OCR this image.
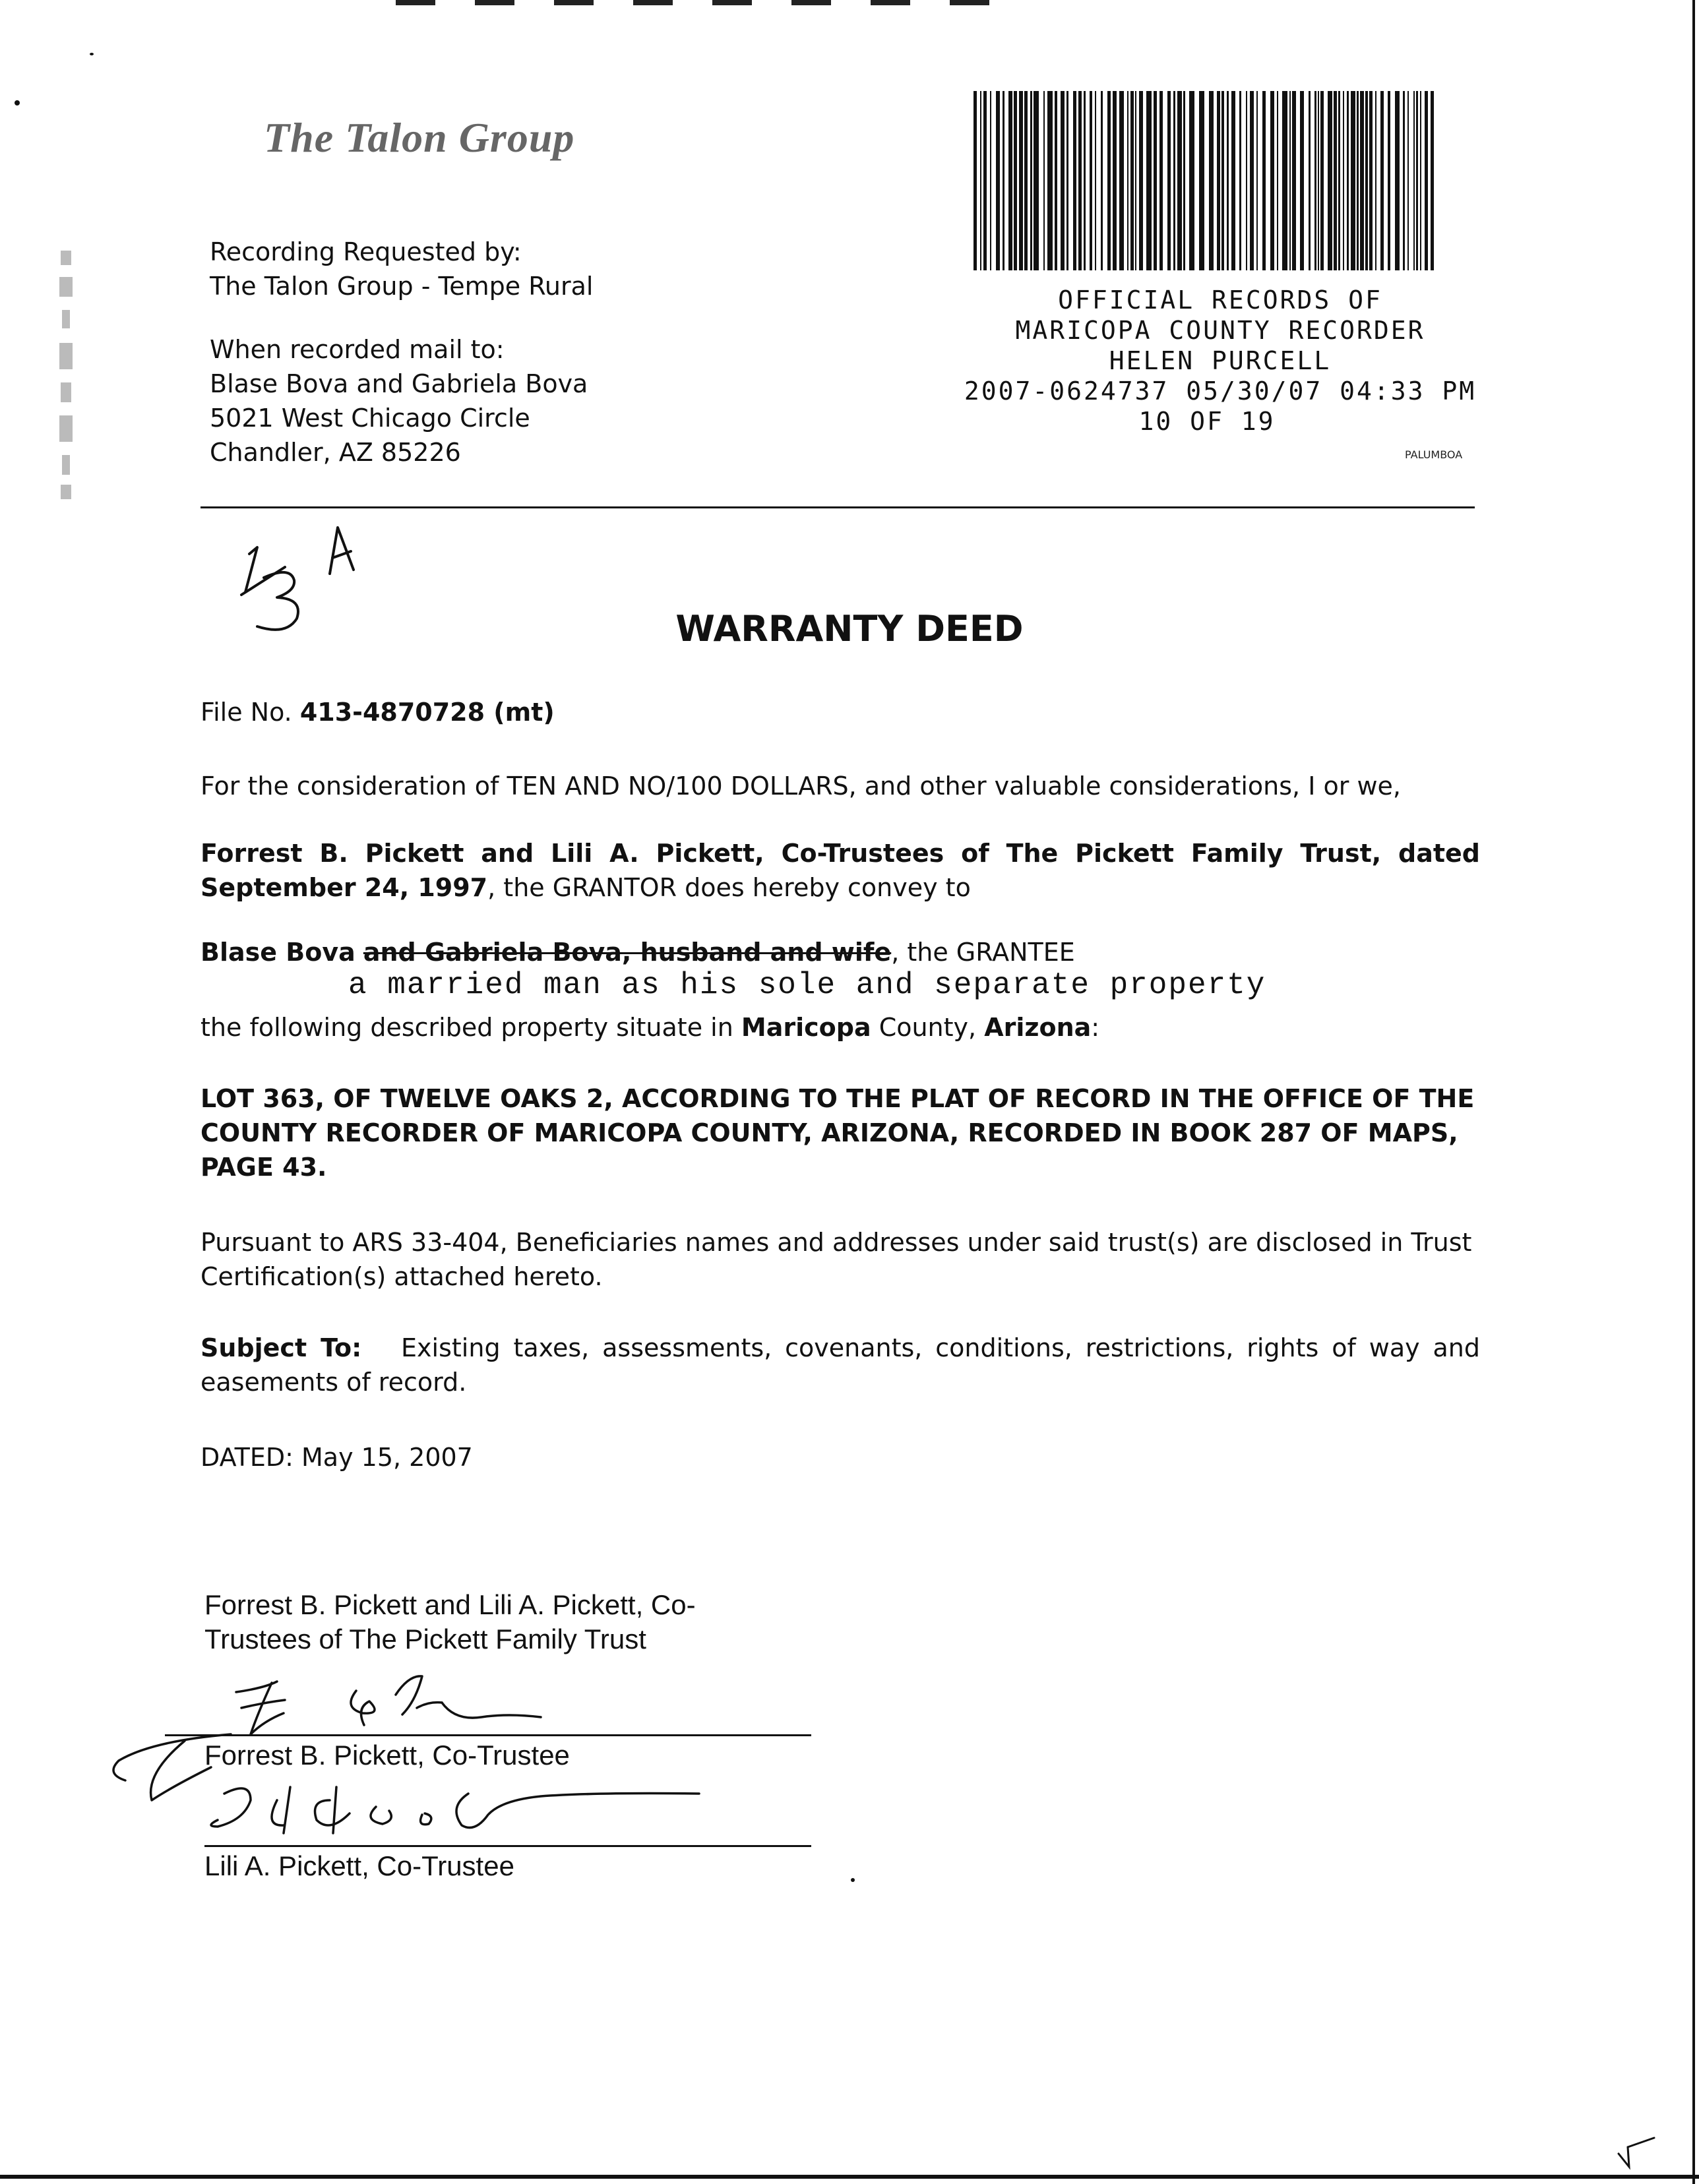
The Talon Group
Recording Requested by:
The Talon Group - Tempe Rural
When recorded mail to:
Blase Bova and Gabriela Bova
5021 West Chicago Circle
Chandler, AZ 85226
OFFICIAL RECORDS OF
MARICOPA COUNTY RECORDER
HELEN PURCELL
2007-0624737 05/30/07 04:33 PM
10 OF 19
PALUMBOA
WARRANTY DEED
File No. 413-4870728 (mt)
For the consideration of TEN AND NO/100 DOLLARS, and other valuable considerations, I or we,
Forrest B. Pickett and Lili A. Pickett, Co-Trustees of The Pickett Family Trust, dated September 24, 1997, the GRANTOR does hereby convey to
Blase Bova and Gabriela Bova, husband and wife, the GRANTEE
a married man as his sole and separate property
the following described property situate in Maricopa County, Arizona:
LOT 363, OF TWELVE OAKS 2, ACCORDING TO THE PLAT OF RECORD IN THE OFFICE OF THE COUNTY RECORDER OF MARICOPA COUNTY, ARIZONA, RECORDED IN BOOK 287 OF MAPS, PAGE 43.
Pursuant to ARS 33-404, Beneficiaries names and addresses under said trust(s) are disclosed in Trust Certification(s) attached hereto.
Subject To: Existing taxes, assessments, covenants, conditions, restrictions, rights of way and easements of record.
DATED: May 15, 2007
Forrest B. Pickett and Lili A. Pickett, Co-
Trustees of The Pickett Family Trust
Forrest B. Pickett, Co-Trustee
Lili A. Pickett, Co-Trustee
